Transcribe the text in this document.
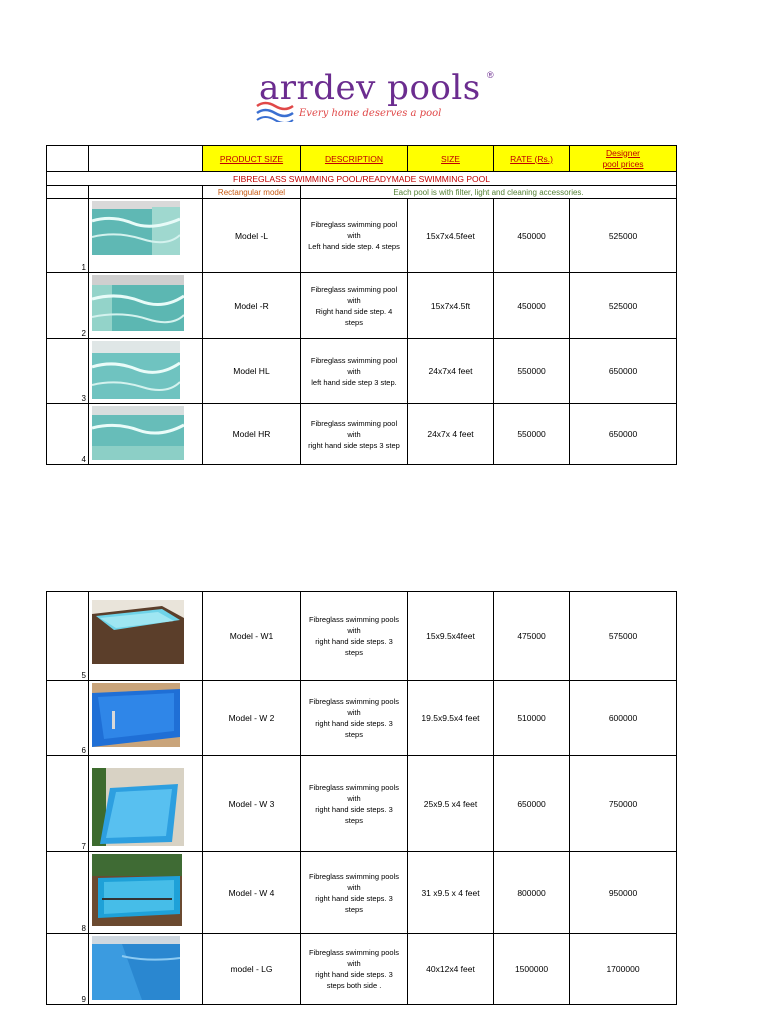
arrdev pools ®
Every home deserves a pool
		PRODUCT SIZE	DESCRIPTION	SIZE	RATE (Rs.)	Designer
pool prices
FIBREGLASS SWIMMING POOL/READYMADE SWIMMING POOL						
		Rectangular model	Each pool is with filter, light and cleaning accessories.			
1		Model -L	Fibreglass swimming pool
with
Left hand side step. 4 steps	15x7x4.5feet	450000	525000
2		Model -R	Fibreglass swimming pool
with
Right hand side step. 4
steps	15x7x4.5ft	450000	525000
3		Model HL	Fibreglass swimming pool
with
left hand side step 3 step.	24x7x4 feet	550000	650000
4		Model HR	Fibreglass swimming pool
with
right hand side steps 3 step	24x7x 4 feet	550000	650000
5		Model - W1	Fibreglass swimming pools
with
right hand side steps. 3
steps	15x9.5x4feet	475000	575000
6		Model - W 2	Fibreglass swimming pools
with
right hand side steps. 3
steps	19.5x9.5x4 feet	510000	600000
7		Model - W 3	Fibreglass swimming pools
with
right hand side steps. 3
steps	25x9.5 x4 feet	650000	750000
8		Model - W 4	Fibreglass swimming pools
with
right hand side steps. 3
steps	31 x9.5 x 4 feet	800000	950000
9		model - LG	Fibreglass swimming pools
with
right hand side steps. 3
steps both side .	40x12x4 feet	1500000	1700000
